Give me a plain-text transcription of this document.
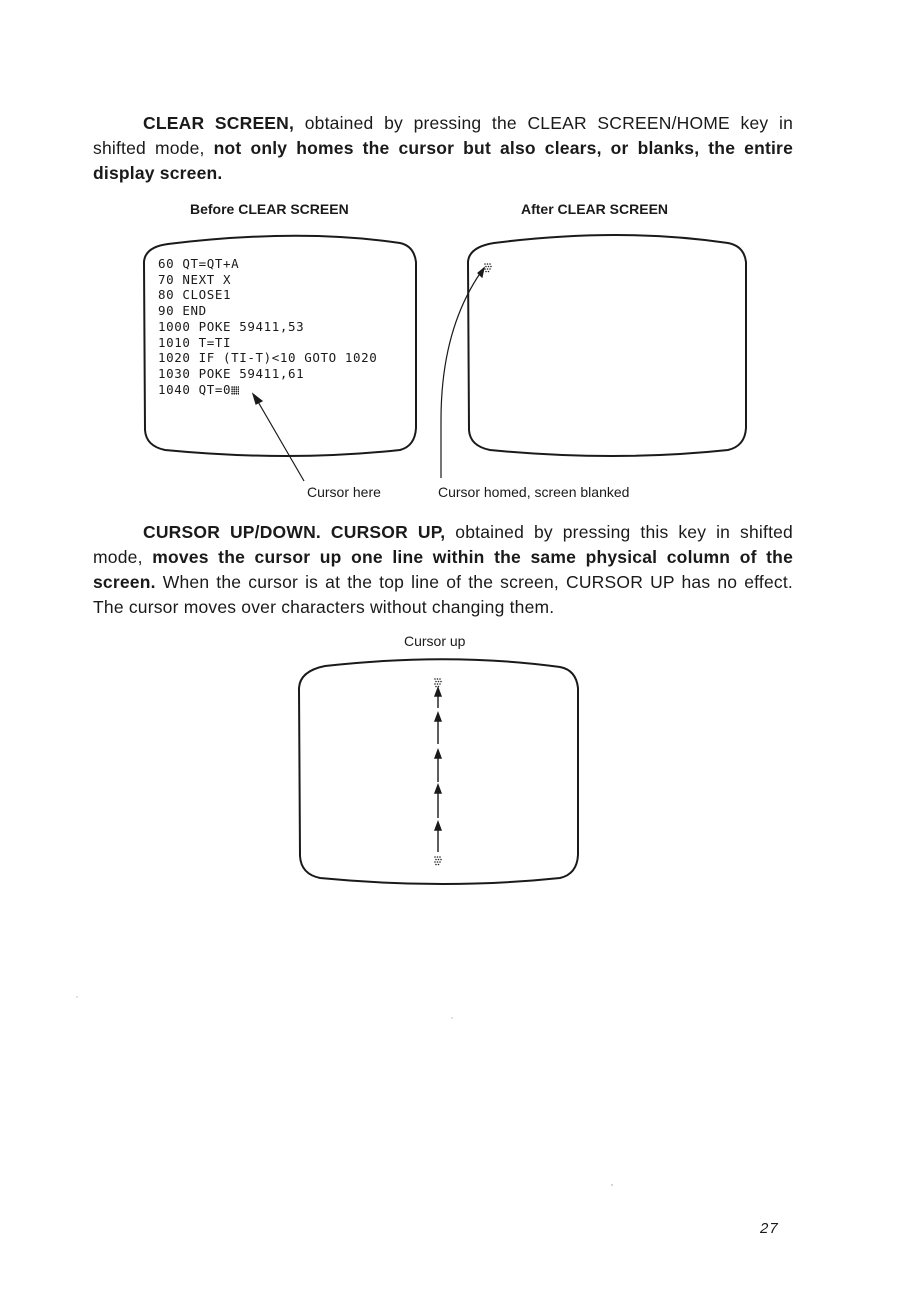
CLEAR SCREEN, obtained by pressing the CLEAR SCREEN/HOME key in shifted mode, not only homes the cursor but also clears, or blanks, the entire display screen.

Before CLEAR SCREEN	After CLEAR SCREEN
60 QT=QT+A
70 NEXT X
80 CLOSE1
90 END
1000 POKE 59411,53
1010 T=TI
1020 IF (TI-T)<10 GOTO 1020
1030 POKE 59411,61
1040 QT=0
Cursor here	Cursor homed, screen blanked

CURSOR UP/DOWN. CURSOR UP, obtained by pressing this key in shifted mode, moves the cursor up one line within the same physical column of the screen. When the cursor is at the top line of the screen, CURSOR UP has no effect. The cursor moves over characters without changing them.

Cursor up
27
